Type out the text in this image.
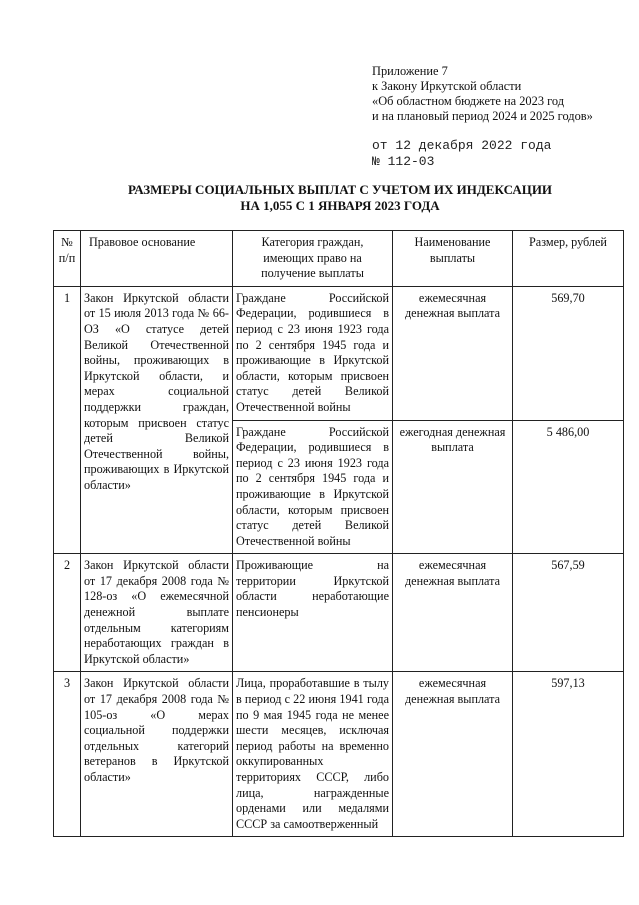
Приложение 7
к Закону Иркутской области
«Об областном бюджете на 2023 год
и на плановый период 2024 и 2025 годов»
от 12 декабря 2022 года
№ 112-03
РАЗМЕРЫ СОЦИАЛЬНЫХ ВЫПЛАТ С УЧЕТОМ ИХ ИНДЕКСАЦИИ
НА 1,055 С 1 ЯНВАРЯ 2023 ГОДА
№ п/п	Правовое основание	Категория граждан, имеющих право на получение выплаты	Наименование выплаты	Размер, рублей
1	Закон Иркутской области от 15 июля 2013 года № 66-ОЗ «О статусе детей Великой Отечественной войны, проживающих в Иркутской области, и мерах социальной поддержки граждан, которым присвоен статус детей Великой Отечественной войны, проживающих в Иркутской области»	Граждане Российской Федерации, родившиеся в период с 23 июня 1923 года по 2 сентября 1945 года и проживающие в Иркутской области, которым присвоен статус детей Великой Отечественной войны	ежемесячная денежная выплата	569,70
		Граждане Российской Федерации, родившиеся в период с 23 июня 1923 года по 2 сентября 1945 года и проживающие в Иркутской области, которым присвоен статус детей Великой Отечественной войны	ежегодная денежная выплата	5 486,00
2	Закон Иркутской области от 17 декабря 2008 года № 128-оз «О ежемесячной денежной выплате отдельным категориям неработающих граждан в Иркутской области»	Проживающие на территории Иркутской области неработающие пенсионеры	ежемесячная денежная выплата	567,59
3	Закон Иркутской области от 17 декабря 2008 года № 105-оз «О мерах социальной поддержки отдельных категорий ветеранов в Иркутской области»	Лица, проработавшие в тылу в период с 22 июня 1941 года по 9 мая 1945 года не менее шести месяцев, исключая период работы на временно оккупированных территориях СССР, либо лица, награжденные орденами или медалями СССР за самоотверженный	ежемесячная денежная выплата	597,13
